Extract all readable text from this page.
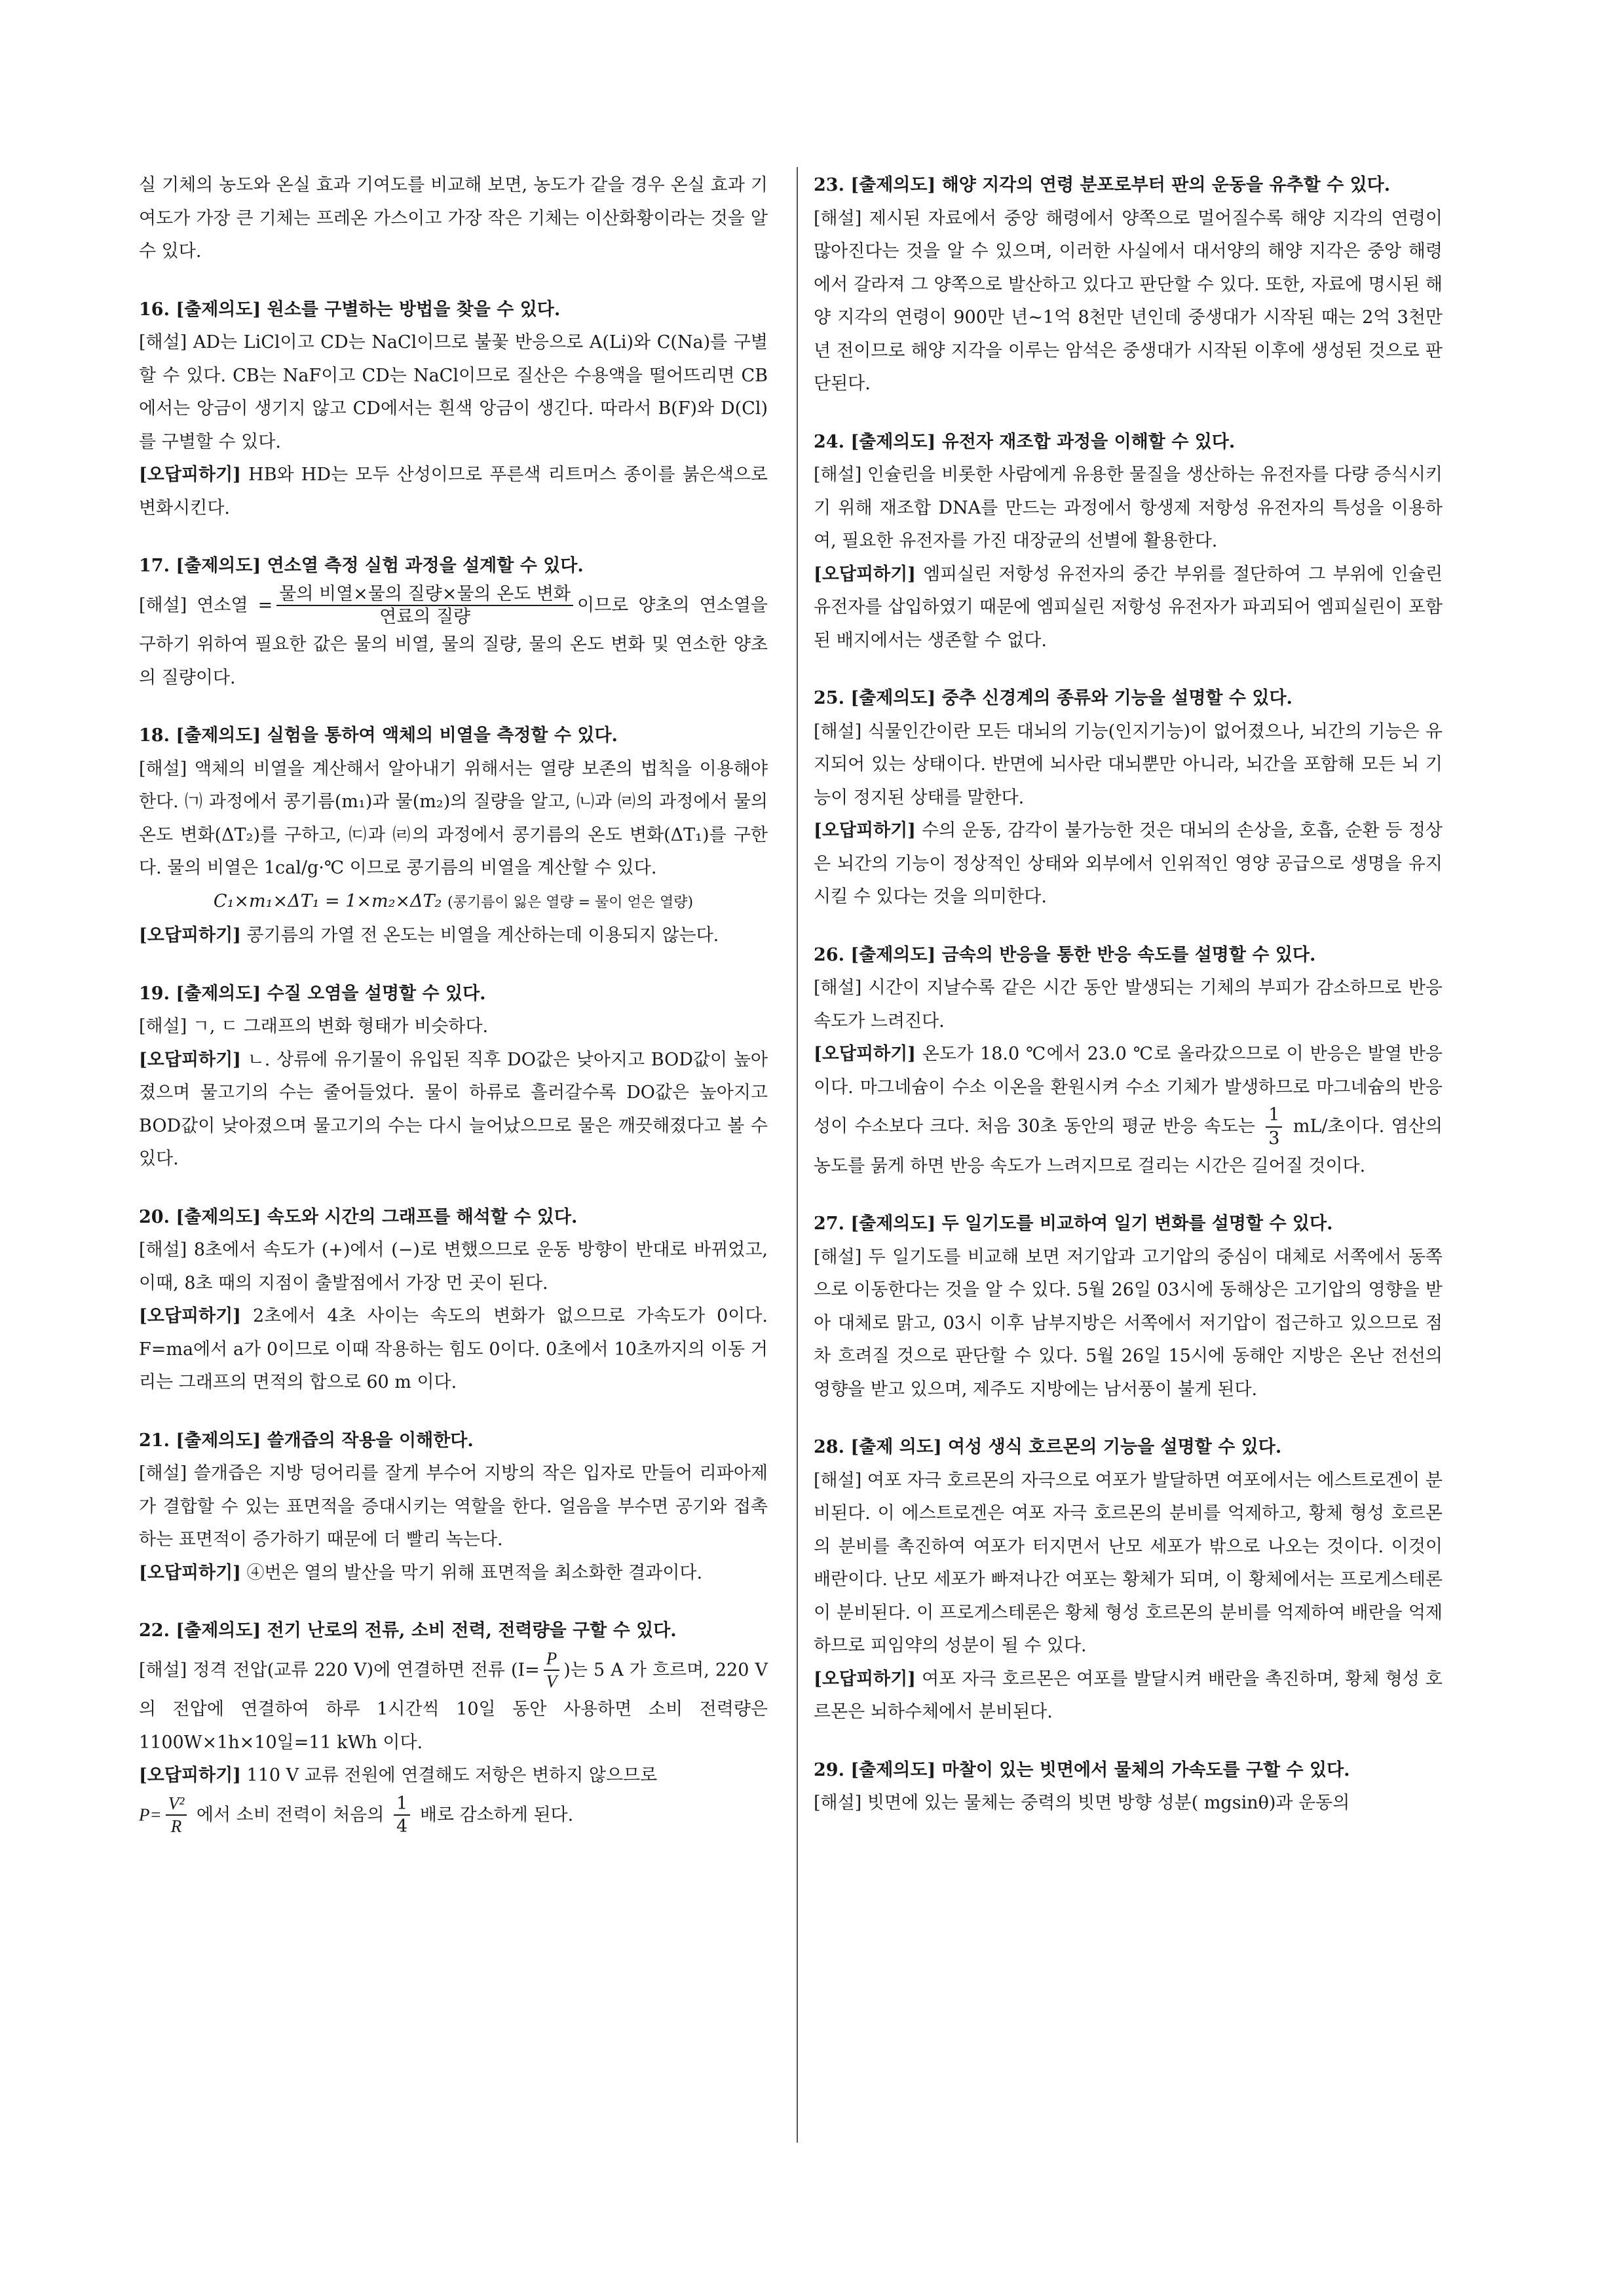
실 기체의 농도와 온실 효과 기여도를 비교해 보면, 농도가 같을 경우 온실 효과 기여도가 가장 큰 기체는 프레온 가스이고 가장 작은 기체는 이산화황이라는 것을 알 수 있다.

16. [출제의도] 원소를 구별하는 방법을 찾을 수 있다.

[해설] AD는 LiCl이고 CD는 NaCl이므로 불꽃 반응으로 A(Li)와 C(Na)를 구별할 수 있다. CB는 NaF이고 CD는 NaCl이므로 질산은 수용액을 떨어뜨리면 CB에서는 앙금이 생기지 않고 CD에서는 흰색 앙금이 생긴다. 따라서 B(F)와 D(Cl)를 구별할 수 있다.

[오답피하기] HB와 HD는 모두 산성이므로 푸른색 리트머스 종이를 붉은색으로 변화시킨다.

17. [출제의도] 연소열 측정 실험 과정을 설계할 수 있다.

[해설] 연소열 = $\frac{\text{물의 비열×물의 질량×물의 온도 변화}}{\text{연료의 질량}}$ 이므로 양초의 연소열을 구하기 위하여 필요한 값은 물의 비열, 물의 질량, 물의 온도 변화 및 연소한 양초의 질량이다.

18. [출제의도] 실험을 통하여 액체의 비열을 측정할 수 있다.

[해설] 액체의 비열을 계산해서 알아내기 위해서는 열량 보존의 법칙을 이용해야 한다. ㈀ 과정에서 콩기름(m₁)과 물(m₂)의 질량을 알고, ㈁과 ㈃의 과정에서 물의 온도 변화(ΔT₂)를 구하고, ㈂과 ㈃의 과정에서 콩기름의 온도 변화(ΔT₁)를 구한다. 물의 비열은 1cal/g·℃ 이므로 콩기름의 비열을 계산할 수 있다.

C₁×m₁×ΔT₁ = 1×m₂×ΔT₂ (콩기름이 잃은 열량 = 물이 얻은 열량)

[오답피하기] 콩기름의 가열 전 온도는 비열을 계산하는데 이용되지 않는다.

19. [출제의도] 수질 오염을 설명할 수 있다.

[해설] ㄱ, ㄷ 그래프의 변화 형태가 비슷하다.

[오답피하기] ㄴ. 상류에 유기물이 유입된 직후 DO값은 낮아지고 BOD값이 높아졌으며 물고기의 수는 줄어들었다. 물이 하류로 흘러갈수록 DO값은 높아지고 BOD값이 낮아졌으며 물고기의 수는 다시 늘어났으므로 물은 깨끗해졌다고 볼 수 있다.

20. [출제의도] 속도와 시간의 그래프를 해석할 수 있다.

[해설] 8초에서 속도가 (+)에서 (−)로 변했으므로 운동 방향이 반대로 바뀌었고, 이때, 8초 때의 지점이 출발점에서 가장 먼 곳이 된다.

[오답피하기] 2초에서 4초 사이는 속도의 변화가 없으므로 가속도가 0이다. F=ma에서 a가 0이므로 이때 작용하는 힘도 0이다. 0초에서 10초까지의 이동 거리는 그래프의 면적의 합으로 60 m 이다.

21. [출제의도] 쓸개즙의 작용을 이해한다.

[해설] 쓸개즙은 지방 덩어리를 잘게 부수어 지방의 작은 입자로 만들어 리파아제가 결합할 수 있는 표면적을 증대시키는 역할을 한다. 얼음을 부수면 공기와 접촉하는 표면적이 증가하기 때문에 더 빨리 녹는다.

[오답피하기] ④번은 열의 발산을 막기 위해 표면적을 최소화한 결과이다.

22. [출제의도] 전기 난로의 전류, 소비 전력, 전력량을 구할 수 있다.

[해설] 정격 전압(교류 220 V)에 연결하면 전류 ($I= \frac{P}{V}$ )는 5 A 가 흐르며, 220 V 의 전압에 연결하여 하루 1시간씩 10일 동안 사용하면 소비 전력량은 1100W×1h×10일=11 kWh 이다.

[오답피하기] 110 V 교류 전원에 연결해도 저항은 변하지 않으므로

$P= \frac{\text{V²}}{R}$ 에서 소비 전력이 처음의 $\frac{1}{4}$ 배로 감소하게 된다.

23. [출제의도] 해양 지각의 연령 분포로부터 판의 운동을 유추할 수 있다.

[해설] 제시된 자료에서 중앙 해령에서 양쪽으로 멀어질수록 해양 지각의 연령이 많아진다는 것을 알 수 있으며, 이러한 사실에서 대서양의 해양 지각은 중앙 해령에서 갈라져 그 양쪽으로 발산하고 있다고 판단할 수 있다. 또한, 자료에 명시된 해양 지각의 연령이 900만 년~1억 8천만 년인데 중생대가 시작된 때는 2억 3천만 년 전이므로 해양 지각을 이루는 암석은 중생대가 시작된 이후에 생성된 것으로 판단된다.

24. [출제의도] 유전자 재조합 과정을 이해할 수 있다.

[해설] 인슐린을 비롯한 사람에게 유용한 물질을 생산하는 유전자를 다량 증식시키기 위해 재조합 DNA를 만드는 과정에서 항생제 저항성 유전자의 특성을 이용하여, 필요한 유전자를 가진 대장균의 선별에 활용한다.

[오답피하기] 엠피실린 저항성 유전자의 중간 부위를 절단하여 그 부위에 인슐린 유전자를 삽입하였기 때문에 엠피실린 저항성 유전자가 파괴되어 엠피실린이 포함된 배지에서는 생존할 수 없다.

25. [출제의도] 중추 신경계의 종류와 기능을 설명할 수 있다.

[해설] 식물인간이란 모든 대뇌의 기능(인지기능)이 없어졌으나, 뇌간의 기능은 유지되어 있는 상태이다. 반면에 뇌사란 대뇌뿐만 아니라, 뇌간을 포함해 모든 뇌 기능이 정지된 상태를 말한다.

[오답피하기] 수의 운동, 감각이 불가능한 것은 대뇌의 손상을, 호흡, 순환 등 정상은 뇌간의 기능이 정상적인 상태와 외부에서 인위적인 영양 공급으로 생명을 유지시킬 수 있다는 것을 의미한다.

26. [출제의도] 금속의 반응을 통한 반응 속도를 설명할 수 있다.

[해설] 시간이 지날수록 같은 시간 동안 발생되는 기체의 부피가 감소하므로 반응 속도가 느려진다.

[오답피하기] 온도가 18.0 ℃에서 23.0 ℃로 올라갔으므로 이 반응은 발열 반응이다. 마그네슘이 수소 이온을 환원시켜 수소 기체가 발생하므로 마그네슘의 반응성이 수소보다 크다. 처음 30초 동안의 평균 반응 속도는 $\frac{1}{3} mL/$초이다. 염산의 농도를 묽게 하면 반응 속도가 느려지므로 걸리는 시간은 길어질 것이다.

27. [출제의도] 두 일기도를 비교하여 일기 변화를 설명할 수 있다.

[해설] 두 일기도를 비교해 보면 저기압과 고기압의 중심이 대체로 서쪽에서 동쪽으로 이동한다는 것을 알 수 있다. 5월 26일 03시에 동해상은 고기압의 영향을 받아 대체로 맑고, 03시 이후 남부지방은 서쪽에서 저기압이 접근하고 있으므로 점차 흐려질 것으로 판단할 수 있다. 5월 26일 15시에 동해안 지방은 온난 전선의 영향을 받고 있으며, 제주도 지방에는 남서풍이 불게 된다.

28. [출제 의도] 여성 생식 호르몬의 기능을 설명할 수 있다.

[해설] 여포 자극 호르몬의 자극으로 여포가 발달하면 여포에서는 에스트로겐이 분비된다. 이 에스트로겐은 여포 자극 호르몬의 분비를 억제하고, 황체 형성 호르몬의 분비를 촉진하여 여포가 터지면서 난모 세포가 밖으로 나오는 것이다. 이것이 배란이다. 난모 세포가 빠져나간 여포는 황체가 되며, 이 황체에서는 프로게스테론이 분비된다. 이 프로게스테론은 황체 형성 호르몬의 분비를 억제하여 배란을 억제하므로 피임약의 성분이 될 수 있다.

[오답피하기] 여포 자극 호르몬은 여포를 발달시켜 배란을 촉진하며, 황체 형성 호르몬은 뇌하수체에서 분비된다.

29. [출제의도] 마찰이 있는 빗면에서 물체의 가속도를 구할 수 있다.

[해설] 빗면에 있는 물체는 중력의 빗면 방향 성분( mgsinθ)과 운동의
